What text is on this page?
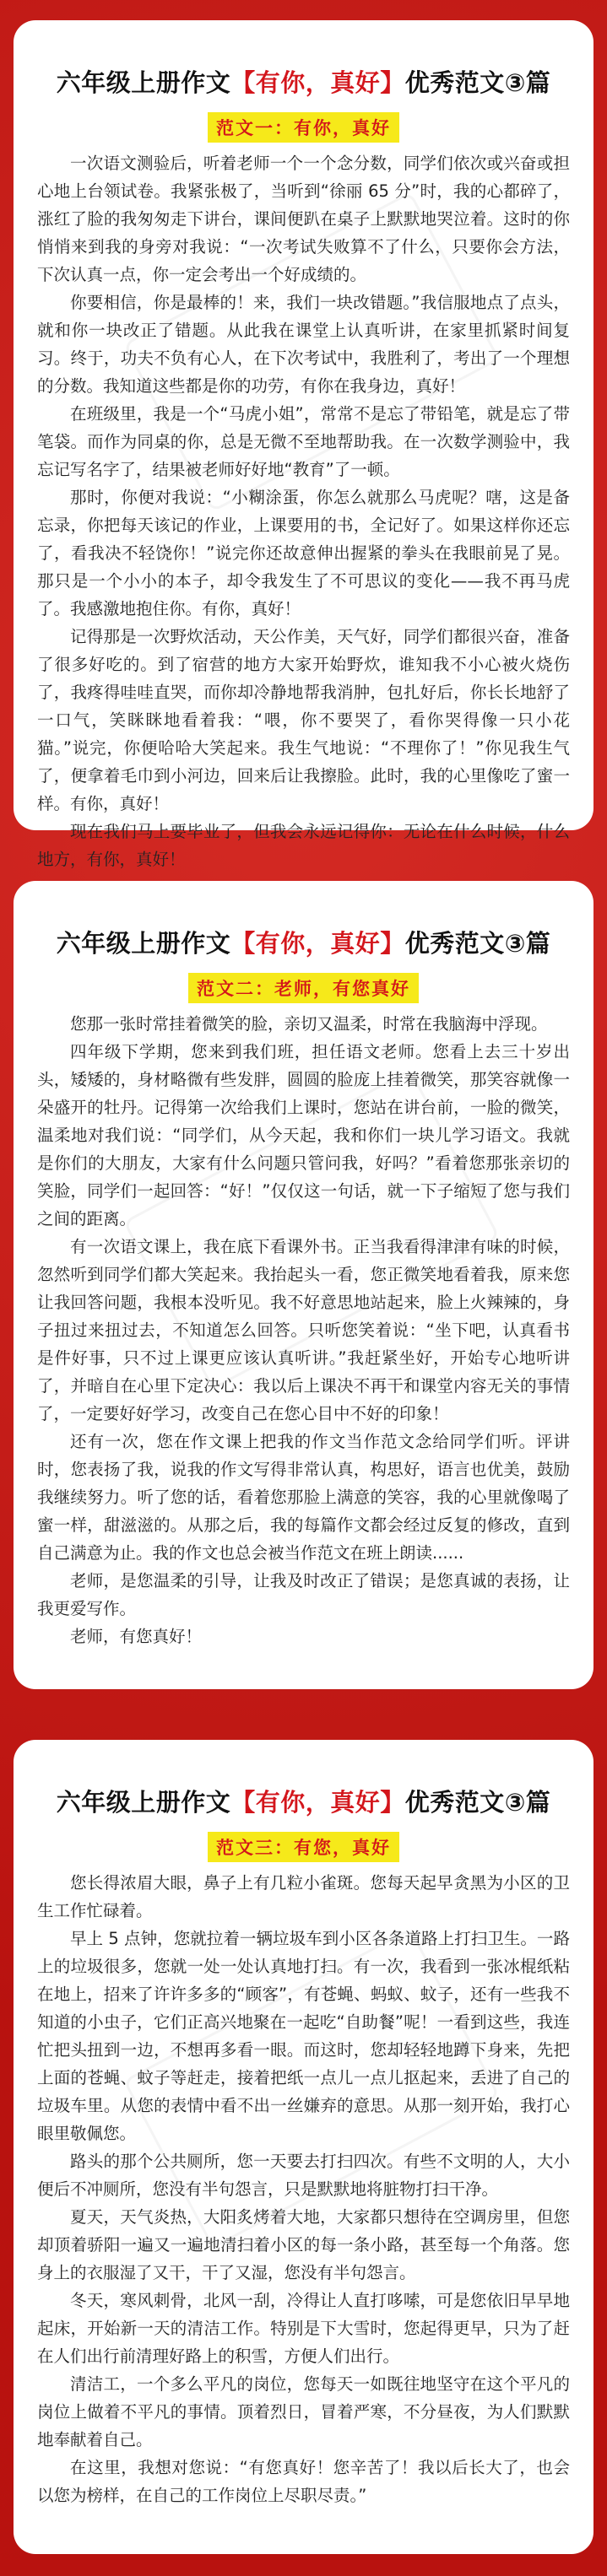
六年级上册作文【有你，真好】优秀范文③篇
范文一：有你，真好

一次语文测验后，听着老师一个一个念分数，同学们依次或兴奋或担心地上台领试卷。我紧张极了，当听到“徐丽 65 分”时，我的心都碎了，涨红了脸的我匆匆走下讲台，课间便趴在桌子上默默地哭泣着。这时的你悄悄来到我的身旁对我说：“一次考试失败算不了什么，只要你会方法，下次认真一点，你一定会考出一个好成绩的。

你要相信，你是最棒的！来，我们一块改错题。”我信服地点了点头，就和你一块改正了错题。从此我在课堂上认真听讲，在家里抓紧时间复习。终于，功夫不负有心人，在下次考试中，我胜利了，考出了一个理想的分数。我知道这些都是你的功劳，有你在我身边，真好！

在班级里，我是一个“马虎小姐”，常常不是忘了带铅笔，就是忘了带笔袋。而作为同桌的你，总是无微不至地帮助我。在一次数学测验中，我忘记写名字了，结果被老师好好地“教育”了一顿。

那时，你便对我说：“小糊涂蛋，你怎么就那么马虎呢？嗐，这是备忘录，你把每天该记的作业，上课要用的书，全记好了。如果这样你还忘了，看我决不轻饶你！”说完你还故意伸出握紧的拳头在我眼前晃了晃。那只是一个小小的本子，却令我发生了不可思议的变化——我不再马虎了。我感激地抱住你。有你，真好！

记得那是一次野炊活动，天公作美，天气好，同学们都很兴奋，准备了很多好吃的。到了宿营的地方大家开始野炊，谁知我不小心被火烧伤了，我疼得哇哇直哭，而你却冷静地帮我消肿，包扎好后，你长长地舒了一口气，笑眯眯地看着我：“喂，你不要哭了，看你哭得像一只小花猫。”说完，你便哈哈大笑起来。我生气地说：“不理你了！”你见我生气了，便拿着毛巾到小河边，回来后让我擦脸。此时，我的心里像吃了蜜一样。有你，真好！

现在我们马上要毕业了，但我会永远记得你：无论在什么时候，什么地方，有你，真好！

六年级上册作文【有你，真好】优秀范文③篇
范文二：老师，有您真好

您那一张时常挂着微笑的脸，亲切又温柔，时常在我脑海中浮现。

四年级下学期，您来到我们班，担任语文老师。您看上去三十岁出头，矮矮的，身材略微有些发胖，圆圆的脸庞上挂着微笑，那笑容就像一朵盛开的牡丹。记得第一次给我们上课时，您站在讲台前，一脸的微笑，温柔地对我们说：“同学们，从今天起，我和你们一块儿学习语文。我就是你们的大朋友，大家有什么问题只管问我，好吗？”看着您那张亲切的笑脸，同学们一起回答：“好！”仅仅这一句话，就一下子缩短了您与我们之间的距离。

有一次语文课上，我在底下看课外书。正当我看得津津有味的时候，忽然听到同学们都大笑起来。我抬起头一看，您正微笑地看着我，原来您让我回答问题，我根本没听见。我不好意思地站起来，脸上火辣辣的，身子扭过来扭过去，不知道怎么回答。只听您笑着说：“坐下吧，认真看书是件好事，只不过上课更应该认真听讲。”我赶紧坐好，开始专心地听讲了，并暗自在心里下定决心：我以后上课决不再干和课堂内容无关的事情了，一定要好好学习，改变自己在您心目中不好的印象！

还有一次，您在作文课上把我的作文当作范文念给同学们听。评讲时，您表扬了我，说我的作文写得非常认真，构思好，语言也优美，鼓励我继续努力。听了您的话，看着您那脸上满意的笑容，我的心里就像喝了蜜一样，甜滋滋的。从那之后，我的每篇作文都会经过反复的修改，直到自己满意为止。我的作文也总会被当作范文在班上朗读......

老师，是您温柔的引导，让我及时改正了错误；是您真诚的表扬，让我更爱写作。

老师，有您真好！

六年级上册作文【有你，真好】优秀范文③篇
范文三：有您，真好

您长得浓眉大眼，鼻子上有几粒小雀斑。您每天起早贪黑为小区的卫生工作忙碌着。

早上 5 点钟，您就拉着一辆垃圾车到小区各条道路上打扫卫生。一路上的垃圾很多，您就一处一处认真地打扫。有一次，我看到一张冰棍纸粘在地上，招来了许许多多的“顾客”，有苍蝇、蚂蚁、蚊子，还有一些我不知道的小虫子，它们正高兴地聚在一起吃“自助餐”呢！一看到这些，我连忙把头扭到一边，不想再多看一眼。而这时，您却轻轻地蹲下身来，先把上面的苍蝇、蚊子等赶走，接着把纸一点儿一点儿抠起来，丢进了自己的垃圾车里。从您的表情中看不出一丝嫌弃的意思。从那一刻开始，我打心眼里敬佩您。

路头的那个公共厕所，您一天要去打扫四次。有些不文明的人，大小便后不冲厕所，您没有半句怨言，只是默默地将脏物打扫干净。

夏天，天气炎热，大阳炙烤着大地，大家都只想待在空调房里，但您却顶着骄阳一遍又一遍地清扫着小区的每一条小路，甚至每一个角落。您身上的衣服湿了又干，干了又湿，您没有半句怨言。

冬天，寒风刺骨，北风一刮，冷得让人直打哆嗦，可是您依旧早早地起床，开始新一天的清洁工作。特别是下大雪时，您起得更早，只为了赶在人们出行前清理好路上的积雪，方便人们出行。

清洁工，一个多么平凡的岗位，您每天一如既往地坚守在这个平凡的岗位上做着不平凡的事情。顶着烈日，冒着严寒，不分昼夜，为人们默默地奉献着自己。

在这里，我想对您说：“有您真好！您辛苦了！我以后长大了，也会以您为榜样，在自己的工作岗位上尽职尽责。”
